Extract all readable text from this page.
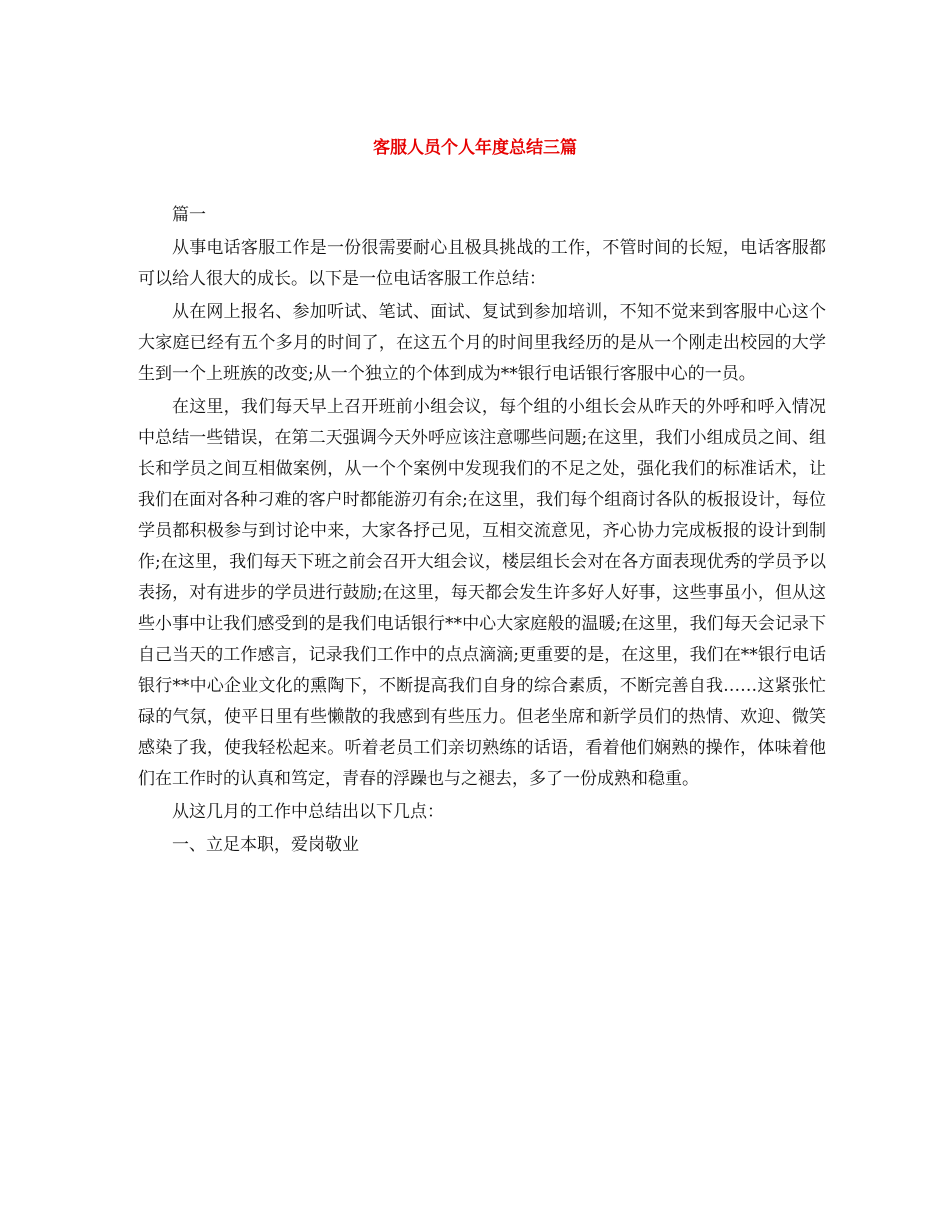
客服人员个人年度总结三篇

篇一

从事电话客服工作是一份很需要耐心且极具挑战的工作，不管时间的长短，电话客服都可以给人很大的成长。以下是一位电话客服工作总结：

从在网上报名、参加听试、笔试、面试、复试到参加培训，不知不觉来到客服中心这个大家庭已经有五个多月的时间了，在这五个月的时间里我经历的是从一个刚走出校园的大学生到一个上班族的改变;从一个独立的个体到成为**银行电话银行客服中心的一员。

在这里，我们每天早上召开班前小组会议，每个组的小组长会从昨天的外呼和呼入情况中总结一些错误，在第二天强调今天外呼应该注意哪些问题;在这里，我们小组成员之间、组长和学员之间互相做案例，从一个个案例中发现我们的不足之处，强化我们的标准话术，让我们在面对各种刁难的客户时都能游刃有余;在这里，我们每个组商讨各队的板报设计，每位学员都积极参与到讨论中来，大家各抒己见，互相交流意见，齐心协力完成板报的设计到制作;在这里，我们每天下班之前会召开大组会议，楼层组长会对在各方面表现优秀的学员予以表扬，对有进步的学员进行鼓励;在这里，每天都会发生许多好人好事，这些事虽小，但从这些小事中让我们感受到的是我们电话银行**中心大家庭般的温暖;在这里，我们每天会记录下自己当天的工作感言，记录我们工作中的点点滴滴;更重要的是，在这里，我们在**银行电话银行**中心企业文化的熏陶下，不断提高我们自身的综合素质，不断完善自我……这紧张忙碌的气氛，使平日里有些懒散的我感到有些压力。但老坐席和新学员们的热情、欢迎、微笑感染了我，使我轻松起来。听着老员工们亲切熟练的话语，看着他们娴熟的操作，体味着他们在工作时的认真和笃定，青春的浮躁也与之褪去，多了一份成熟和稳重。

从这几月的工作中总结出以下几点：

一、立足本职，爱岗敬业
